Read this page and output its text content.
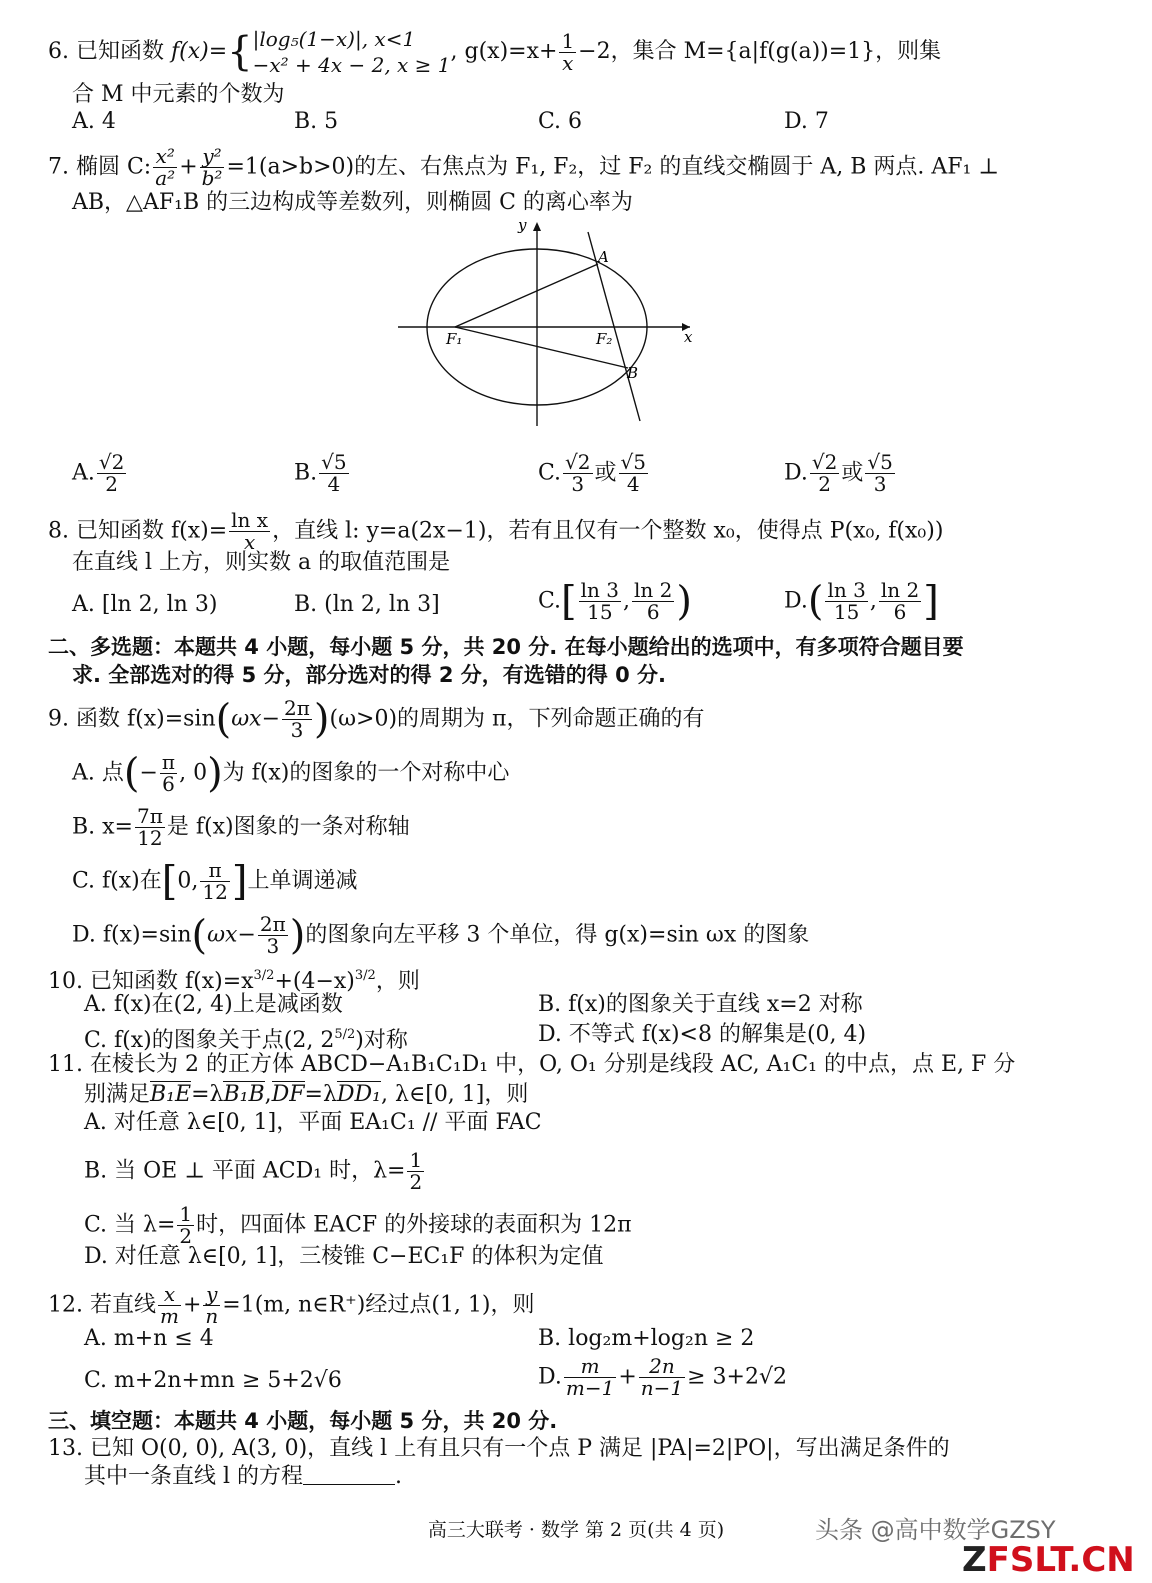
6. 已知函数 f(x)={ |log₅(1−x)|, x<1
−x² + 4x − 2, x ≥ 1
, $g(x)=x+ \frac{1}{x} -2$，集合 M={a|f(g(a))=1}，则集
合 M 中元素的个数为
A. 4	B. 5	C. 6	D. 7
7. 椭圆 C: $\frac{\text{x²}}{\text{a²}} + \frac{\text{y²}}{\text{b²}} =1(a>b>0)$的左、右焦点为 F₁, F₂，过 F₂ 的直线交椭圆于 A, B 两点. AF₁ ⊥
AB，△AF₁B 的三边构成等差数列，则椭圆 C 的离心率为
y
x
F₁	F₂
A
B
A. $\frac{√2}{2}$	B. $\frac{√5}{4}$	C. $\frac{√2}{3}$ 或 $\frac{√5}{4}$	D. $\frac{√2}{2}$ 或 $\frac{√5}{3}$
8. 已知函数 $f(x)= \frac{\text{ln x}}{x}$ ，直线 l: y=a(2x−1)，若有且仅有一个整数 x₀，使得点 P(x₀, f(x₀))
在直线 l 上方，则实数 a 的取值范围是
A. [ln 2, ln 3)	B. (ln 2, ln 3]	$C.[ \frac{\ln 3}{15}$ , $\frac{\ln 2}{6}$ )	$D.( \frac{\ln 3}{15}$ , $\frac{\ln 2}{6}$ ]
二、多选题：本题共 4 小题，每小题 5 分，共 20 分. 在每小题给出的选项中，有多项符合题目要
求. 全部选对的得 5 分，部分选对的得 2 分，有选错的得 0 分.
9. 函数 $f(x)=\sin(\omega x- \frac{2\pi}{3} )(\omega>0)$的周期为 π，下列命题正确的有
A. 点(− $\frac{\pi}{6}$ , 0)为 f(x)的图象的一个对称中心
B. $x= \frac{7\pi}{12}$ 是 f(x)图象的一条对称轴
C. f(x)在[0, $\frac{\pi}{12}$ ]上单调递减
D. $f(x)=\sin(\omega x- \frac{2\pi}{3}$ )的图象向左平移 3 个单位，得 g(x)=sin ωx 的图象
10. 已知函数 $f(x)=x^{3/2}+(4-x)^{3/2}$，则
A. f(x)在(2, 4)上是减函数	B. f(x)的图象关于直线 x=2 对称
C. f(x)的图象关于点(2, $2^{5/2}$)对称	D. 不等式 f(x)<8 的解集是(0, 4)
11. 在棱长为 2 的正方体 ABCD−A₁B₁C₁D₁ 中，O, O₁ 分别是线段 AC, A₁C₁ 的中点，点 E, F 分
别满足B₁E=λB₁B,DF=λDD₁, λ∈[0, 1]，则
A. 对任意 λ∈[0, 1]，平面 EA₁C₁ // 平面 FAC
B. 当 OE ⊥ 平面 ACD₁ 时，$\lambda= \frac{1}{2}$
C. 当 $\lambda= \frac{1}{2}$ 时，四面体 EACF 的外接球的表面积为 12π
D. 对任意 λ∈[0, 1]，三棱锥 C−EC₁F 的体积为定值
12. 若直线 $\frac{x}{m} + \frac{y}{n} =1(m$, n∈R⁺)经过点(1, 1)，则
A. m+n ≤ 4	B. log₂m+log₂n ≥ 2
C. m+2n+mn ≥ 5+2√6	D. $\frac{m}{m-1} + \frac{2n}{n-1} \ge 3+2√2$
三、填空题：本题共 4 小题，每小题 5 分，共 20 分.
13. 已知 O(0, 0), A(3, 0)，直线 l 上有且只有一个点 P 满足 |PA|=2|PO|，写出满足条件的
其中一条直线 l 的方程	.
高三大联考 · 数学 第 2 页(共 4 页)	头条 @高中数学GZSY
ZFSLT.CN
